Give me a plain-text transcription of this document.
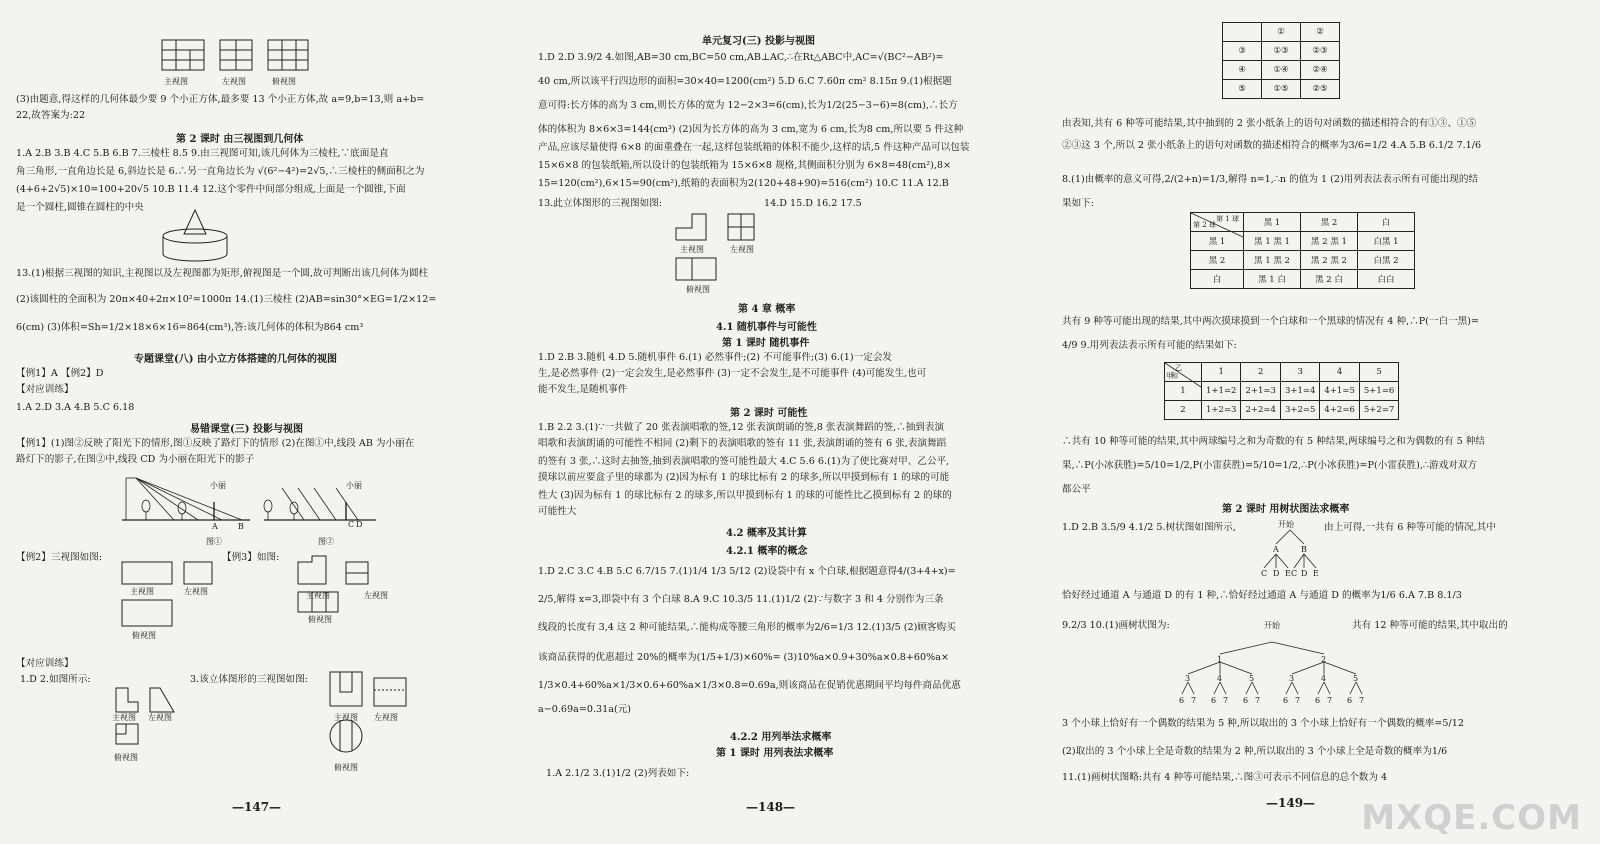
主视图	左视图	俯视图
(3)由题意,得这样的几何体最少要 9 个小正方体,最多要 13 个小正方体,故 a=9,b=13,则 a+b=
22,故答案为:22
第 2 课时 由三视图到几何体
1.A 2.B 3.B 4.C 5.B 6.B 7.三棱柱 8.5 9.由三视图可知,该几何体为三棱柱,∵底面是直
角三角形,一直角边长是 6,斜边长是 6.∴另一直角边长为 √(6²−4²)=2√5,∴三棱柱的侧面积之为
(4+6+2√5)×10=100+20√5 10.B 11.4 12.这个零件中间部分组成,上面是一个圆锥,下面
是一个圆柱,圆锥在圆柱的中央
13.(1)根据三视图的知识,主视图以及左视图都为矩形,俯视图是一个圆,故可判断出该几何体为圆柱
(2)该圆柱的全面积为 20π×40+2π×10²=1000π 14.(1)三棱柱 (2)AB=sin30°×EG=1/2×12=
6(cm) (3)体积=Sh=1/2×18×6×16=864(cm³),答:该几何体的体积为864 cm³
专题课堂(八) 由小立方体搭建的几何体的视图
【例1】A 【例2】D
【对应训练】
1.A 2.D 3.A 4.B 5.C 6.18
易错课堂(三) 投影与视图
【例1】(1)图②反映了阳光下的情形,图①反映了路灯下的情形 (2)在图①中,线段 AB 为小丽在
路灯下的影子,在图②中,线段 CD 为小丽在阳光下的影子
小丽	小丽
A	B	C D
图①	图②
【例2】三视图如图:	【例3】如图:
主视图	左视图
俯视图
主视图	左视图
俯视图
【对应训练】
1.D 2.如图所示:	3.该立体图形的三视图如图:
主视图 左视图
俯视图
主视图 左视图
俯视图
—147—
单元复习(三) 投影与视图
1.D 2.D 3.9/2 4.如图,AB=30 cm,BC=50 cm,AB⊥AC,∴在Rt△ABC中,AC=√(BC²−AB²)=
40 cm,所以该平行四边形的面积=30×40=1200(cm²) 5.D 6.C 7.60π cm² 8.15π 9.(1)根据题
意可得:长方体的高为 3 cm,则长方体的宽为 12−2×3=6(cm),长为1/2(25−3−6)=8(cm),∴长方
体的体积为 8×6×3=144(cm³) (2)因为长方体的高为 3 cm,宽为 6 cm,长为8 cm,所以要 5 件这种
产品,应该尽量使得 6×8 的面重叠在一起,这样包装纸箱的体积不能少,这样的话,5 件这种产品可以包装
15×6×8 的包装纸箱,所以设计的包装纸箱为 15×6×8 规格,其侧面积分别为 6×8=48(cm²),8×
15=120(cm²),6×15=90(cm²),纸箱的表面积为2(120+48+90)=516(cm²) 10.C 11.A 12.B
13.此立体图形的三视图如图:	14.D 15.D 16.2 17.5
主视图	左视图
俯视图
第 4 章 概率
4.1 随机事件与可能性
第 1 课时 随机事件
1.D 2.B 3.随机 4.D 5.随机事件 6.(1) 必然事件;(2) 不可能事件;(3) 6.(1)一定会发
生,是必然事件 (2)一定会发生,是必然事件 (3)一定不会发生,是不可能事件 (4)可能发生,也可
能不发生,是随机事件
第 2 课时 可能性
1.B 2.2 3.(1)∵一共做了 20 张表演唱歌的签,12 张表演朗诵的签,8 张表演舞蹈的签,∴抽到表演
唱歌和表演朗诵的可能性不相同 (2)剩下的表演唱歌的签有 11 张,表演朗诵的签有 6 张,表演舞蹈
的签有 3 张,∴这时去抽签,抽到表演唱歌的签可能性最大 4.C 5.6 6.(1)为了使比赛对甲、乙公平,
摸球以前应要盒子里的球都为 (2)因为标有 1 的球比标有 2 的球多,所以甲摸到标有 1 的球的可能
性大 (3)因为标有 1 的球比标有 2 的球多,所以甲摸到标有 1 的球的可能性比乙摸到标有 2 的球的
可能性大
4.2 概率及其计算
4.2.1 概率的概念
1.D 2.C 3.C 4.B 5.C 6.7/15 7.(1)1/4 1/3 5/12 (2)设袋中有 x 个白球,根据题意得4/(3+4+x)=
2/5,解得 x=3,即袋中有 3 个白球 8.A 9.C 10.3/5 11.(1)1/2 (2)∵与数字 3 和 4 分别作为三条
线段的长度有 3,4 这 2 种可能结果,∴能构成等腰三角形的概率为2/6=1/3 12.(1)3/5 (2)顾客购买
该商品获得的优惠超过 20%的概率为(1/5+1/3)×60%= (3)10%a×0.9+30%a×0.8+60%a×
1/3×0.4+60%a×1/3×0.6+60%a×1/3×0.8=0.69a,则该商品在促销优惠期间平均每件商品优惠
a−0.69a=0.31a(元)
4.2.2 用列举法求概率
第 1 课时 用列表法求概率
1.A 2.1/2 3.(1)1/2 (2)列表如下:
—148—
	①	②
③	①③	②③
④	①④	②④
⑤	①⑤	②⑤
由表知,共有 6 种等可能结果,其中抽到的 2 张小纸条上的语句对函数的描述相符合的有①③、①⑤
②③这 3 个,所以 2 张小纸条上的语句对函数的描述相符合的概率为3/6=1/2 4.A 5.B 6.1/2 7.1/6
8.(1)由概率的意义可得,2/(2+n)=1/3,解得 n=1,∴n 的值为 1 (2)用列表法表示所有可能出现的结
果如下:
第 1 球
第 2 球	黑 1	黑 2	白
黑 1	黑 1 黑 1	黑 2 黑 1	白黑 1
黑 2	黑 1 黑 2	黑 2 黑 2	白黑 2
白	黑 1 白	黑 2 白	白白
共有 9 种等可能出现的结果,其中两次摸球摸到一个白球和一个黑球的情况有 4 种,∴P(一白一黑)=
4/9 9.用列表法表示所有可能的结果如下:
乙
和
甲	1	2	3	4	5
1	1+1=2	2+1=3	3+1=4	4+1=5	5+1=6
2	1+2=3	2+2=4	3+2=5	4+2=6	5+2=7
∴共有 10 种等可能的结果,其中两球编号之和为奇数的有 5 种结果,两球编号之和为偶数的有 5 种结
果,∴P(小冰获胜)=5/10=1/2,P(小雷获胜)=5/10=1/2,∴P(小冰获胜)=P(小雷获胜),∴游戏对双方
都公平
第 2 课时 用树状图法求概率
1.D 2.B 3.5/9 4.1/2 5.树状图如图所示,	由上可得,一共有 6 种等可能的情况,其中
开始
A	B
C D E C D E
恰好经过通道 A 与通道 D 的有 1 种,∴恰好经过通道 A 与通道 D 的概率为1/6 6.A 7.B 8.1/3
9.2/3 10.(1)画树状图为:	共有 12 种等可能的结果,其中取出的
开始
1	2
3	4	5	3	4	5
6 7 6 7 6 7	6 7 6 7 6 7
3 个小球上恰好有一个偶数的结果为 5 种,所以取出的 3 个小球上恰好有一个偶数的概率=5/12
(2)取出的 3 个小球上全是奇数的结果为 2 种,所以取出的 3 个小球上全是奇数的概率为1/6
11.(1)画树状图略:共有 4 种等可能结果,∴图③可表示不同信息的总个数为 4
—149— MXQE.COM
